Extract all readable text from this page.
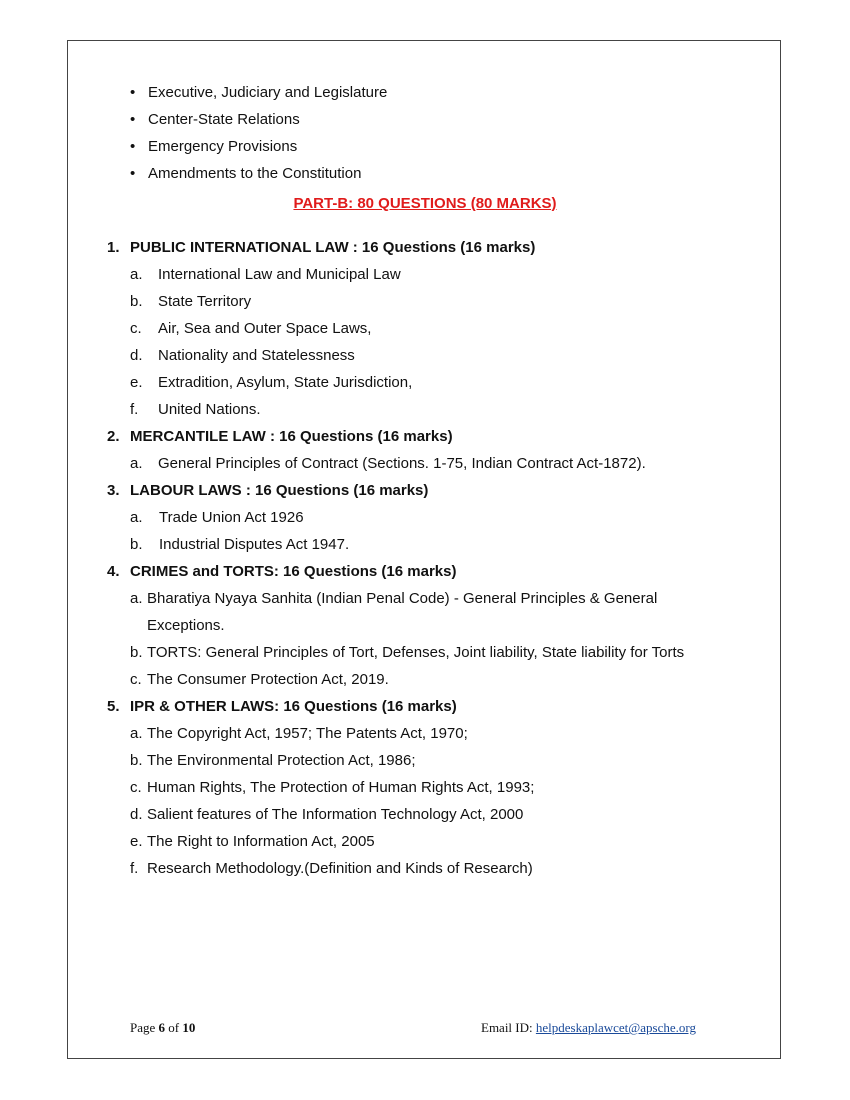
• Executive, Judiciary and Legislature
• Center-State Relations
• Emergency Provisions
• Amendments to the Constitution
PART-B: 80 QUESTIONS (80 MARKS)
1. PUBLIC INTERNATIONAL LAW : 16 Questions (16 marks)
a. International Law and Municipal Law
b. State Territory
c. Air, Sea and Outer Space Laws,
d. Nationality and Statelessness
e. Extradition, Asylum, State Jurisdiction,
f. United Nations.
2. MERCANTILE LAW : 16 Questions (16 marks)
a. General Principles of Contract (Sections. 1-75, Indian Contract Act-1872).
3. LABOUR LAWS : 16 Questions (16 marks)
a. Trade Union Act 1926
b. Industrial Disputes Act 1947.
4. CRIMES and TORTS: 16 Questions (16 marks)
a. Bharatiya Nyaya Sanhita (Indian Penal Code) - General Principles & General
Exceptions.
b. TORTS: General Principles of Tort, Defenses, Joint liability, State liability for Torts
c. The Consumer Protection Act, 2019.
5. IPR & OTHER LAWS: 16 Questions (16 marks)
a. The Copyright Act, 1957; The Patents Act, 1970;
b. The Environmental Protection Act, 1986;
c. Human Rights, The Protection of Human Rights Act, 1993;
d. Salient features of The Information Technology Act, 2000
e. The Right to Information Act, 2005
f. Research Methodology.(Definition and Kinds of Research)
Page 6 of 10	Email ID: helpdeskaplawcet@apsche.org
